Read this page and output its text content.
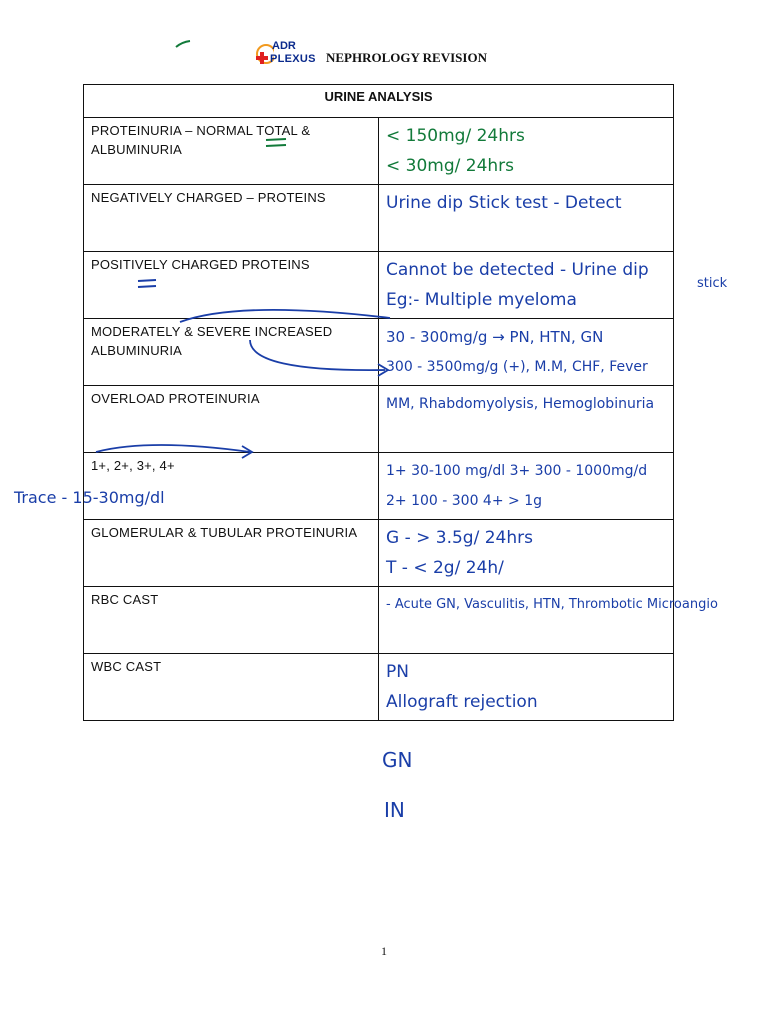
ADR
PLEXUS NEPHROLOGY REVISION
URINE ANALYSIS	
PROTEINURIA – NORMAL TOTAL & ALBUMINURIA	< 150mg/ 24hrs
< 30mg/ 24hrs

NEGATIVELY CHARGED – PROTEINS	Urine dip Stick test - Detect

POSITIVELY CHARGED PROTEINS	Cannot be detected - Urine dip
Eg:- Multiple myeloma

MODERATELY & SEVERE INCREASED ALBUMINURIA	30 - 300mg/g → PN, HTN, GN
300 - 3500mg/g (+), M.M, CHF, Fever

OVERLOAD PROTEINURIA	MM, Rhabdomyolysis, Hemoglobinuria

1+, 2+, 3+, 4+	1+ 30-100 mg/dl 3+ 300 - 1000mg/d
2+ 100 - 300 4+ > 1g

GLOMERULAR & TUBULAR PROTEINURIA	G - > 3.5g/ 24hrs
T - < 2g/ 24h/

RBC CAST	- Acute GN, Vasculitis, HTN, Thrombotic Microangio

WBC CAST	PN
Allograft rejection
stick
Trace - 15-30mg/dl
GN
IN
1
